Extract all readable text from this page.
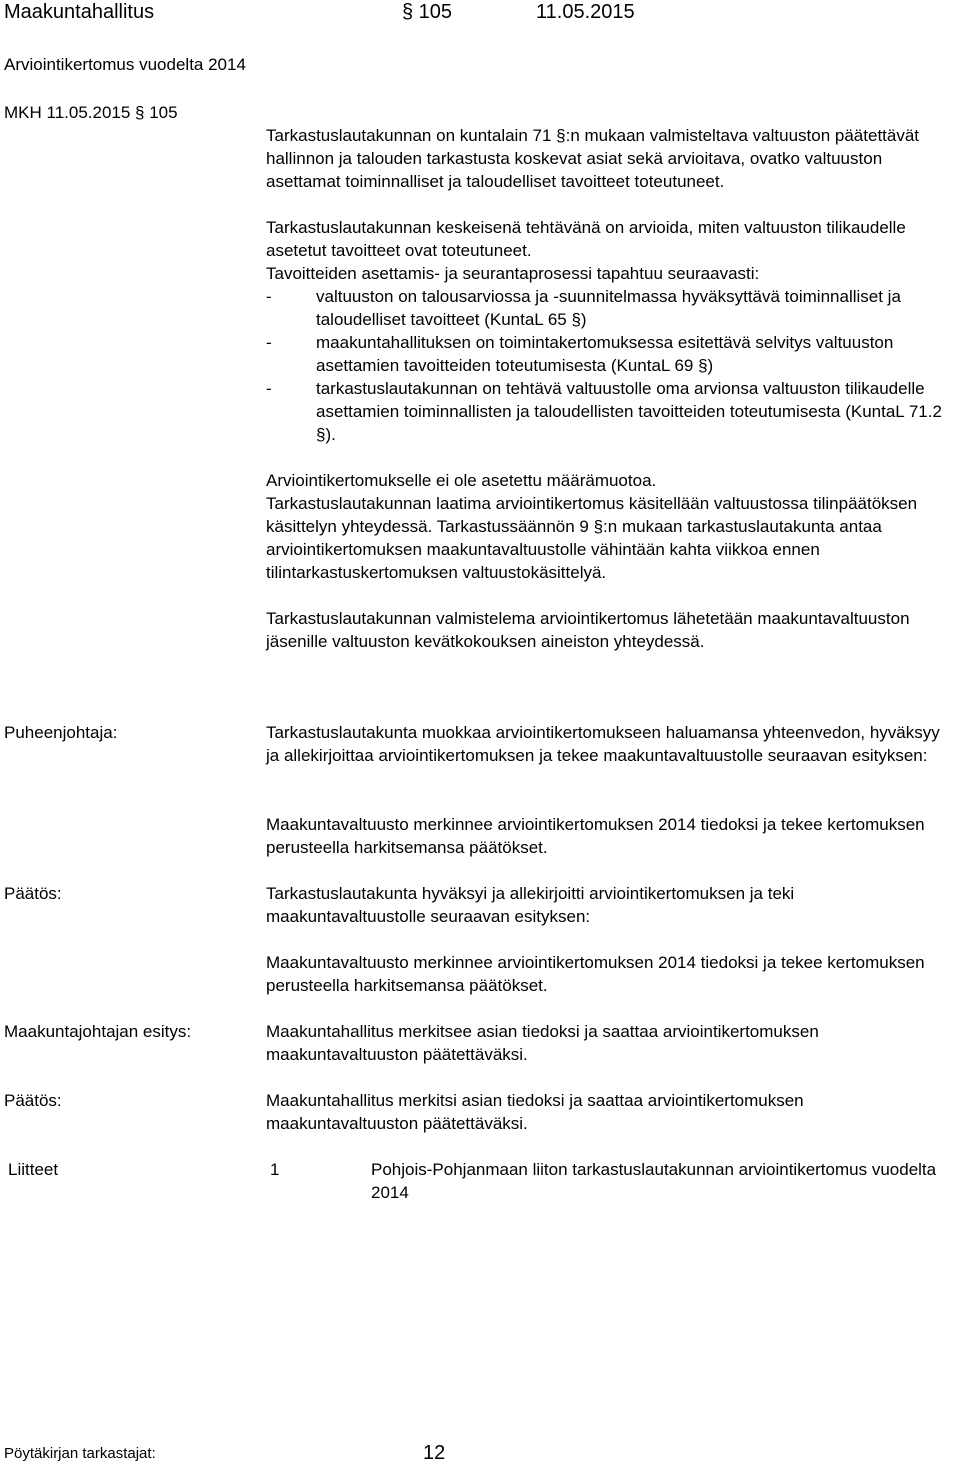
Maakuntahallitus	§ 105	11.05.2015
Arviointikertomus vuodelta 2014
MKH 11.05.2015 § 105

Tarkastuslautakunnan on kuntalain 71 §:n mukaan valmisteltava valtuuston päätettävät hallinnon ja talouden tarkastusta koskevat asiat sekä arvioitava, ovatko valtuuston asettamat toiminnalliset ja taloudelliset tavoitteet toteutuneet.

Tarkastuslautakunnan keskeisenä tehtävänä on arvioida, miten valtuuston tilikaudelle asetetut tavoitteet ovat toteutuneet.

Tavoitteiden asettamis- ja seurantaprosessi tapahtuu seuraavasti:

-	valtuuston on talousarviossa ja -suunnitelmassa hyväksyttävä toiminnalliset ja taloudelliset tavoitteet (KuntaL 65 §)
-	maakuntahallituksen on toimintakertomuksessa esitettävä selvitys valtuuston asettamien tavoitteiden toteutumisesta (KuntaL 69 §)
-	tarkastuslautakunnan on tehtävä valtuustolle oma arvionsa valtuuston tilikaudelle asettamien toiminnallisten ja taloudellisten tavoitteiden toteutumisesta (KuntaL 71.2 §).

Arviointikertomukselle ei ole asetettu määrämuotoa.

Tarkastuslautakunnan laatima arviointikertomus käsitellään valtuustossa tilinpäätöksen käsittelyn yhteydessä. Tarkastussäännön 9 §:n mukaan tarkastuslautakunta antaa arviointikertomuksen maakuntavaltuustolle vähintään kahta viikkoa ennen tilintarkastuskertomuksen valtuustokäsittelyä.

Tarkastuslautakunnan valmistelema arviointikertomus lähetetään maakuntavaltuuston jäsenille valtuuston kevätkokouksen aineiston yhteydessä.

Puheenjohtaja:	Tarkastuslautakunta muokkaa arviointikertomukseen haluamansa yhteenvedon, hyväksyy ja allekirjoittaa arviointikertomuksen ja tekee maakuntavaltuustolle seuraavan esityksen:

Maakuntavaltuusto merkinnee arviointikertomuksen 2014 tiedoksi ja tekee kertomuksen perusteella harkitsemansa päätökset.

Päätös:	Tarkastuslautakunta hyväksyi ja allekirjoitti arviointikertomuksen ja teki maakuntavaltuustolle seuraavan esityksen:

Maakuntavaltuusto merkinnee arviointikertomuksen 2014 tiedoksi ja tekee kertomuksen perusteella harkitsemansa päätökset.

Maakuntajohtajan esitys:	Maakuntahallitus merkitsee asian tiedoksi ja saattaa arviointikertomuksen maakuntavaltuuston päätettäväksi.

Päätös:	Maakuntahallitus merkitsi asian tiedoksi ja saattaa arviointikertomuksen maakuntavaltuuston päätettäväksi.

Liitteet	1	Pohjois-Pohjanmaan liiton tarkastuslautakunnan arviointikertomus vuodelta 2014
Pöytäkirjan tarkastajat:	12
